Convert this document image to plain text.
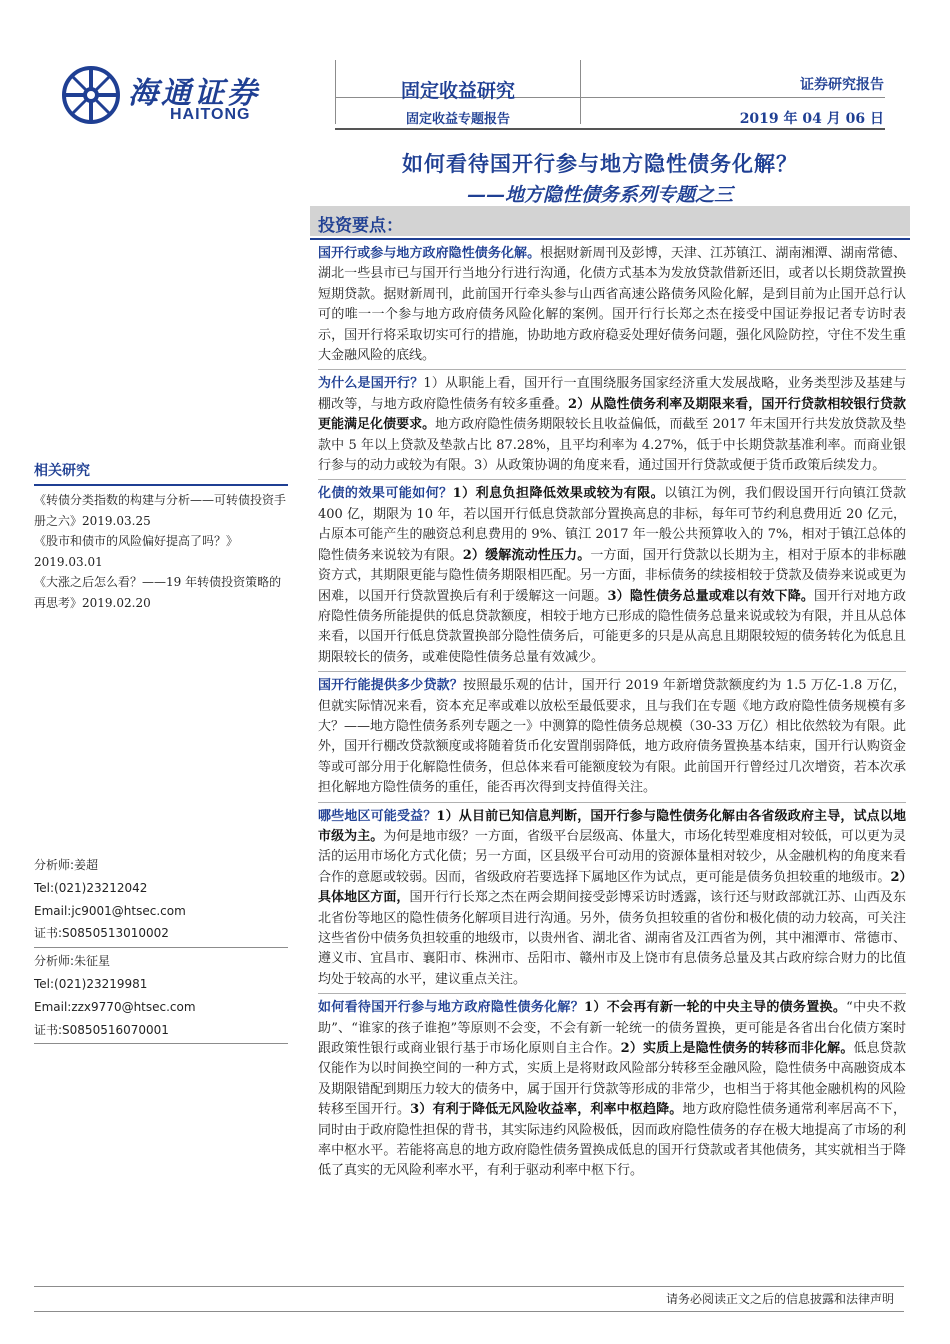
海通证券
HAITONG
固定收益研究
固定收益专题报告
证券研究报告
2019 年 04 月 06 日
如何看待国开行参与地方隐性债务化解？
——地方隐性债务系列专题之三
投资要点：

国开行或参与地方政府隐性债务化解。根据财新周刊及彭博，天津、江苏镇江、湖南湘潭、湖南常德、湖北一些县市已与国开行当地分行进行沟通，化债方式基本为发放贷款借新还旧，或者以长期贷款置换短期贷款。据财新周刊，此前国开行牵头参与山西省高速公路债务风险化解，是到目前为止国开总行认可的唯一一个参与地方政府债务风险化解的案例。国开行行长郑之杰在接受中国证券报记者专访时表示，国开行将采取切实可行的措施，协助地方政府稳妥处理好债务问题，强化风险防控，守住不发生重大金融风险的底线。

为什么是国开行？1）从职能上看，国开行一直围绕服务国家经济重大发展战略，业务类型涉及基建与棚改等，与地方政府隐性债务有较多重叠。2）从隐性债务利率及期限来看，国开行贷款相较银行贷款更能满足化债要求。地方政府隐性债务期限较长且收益偏低，而截至 2017 年末国开行共发放贷款及垫款中 5 年以上贷款及垫款占比 87.28%，且平均利率为 4.27%，低于中长期贷款基准利率。而商业银行参与的动力或较为有限。3）从政策协调的角度来看，通过国开行贷款或便于货币政策后续发力。

化债的效果可能如何？1）利息负担降低效果或较为有限。以镇江为例，我们假设国开行向镇江贷款 400 亿，期限为 10 年，若以国开行低息贷款部分置换高息的非标，每年可节约利息费用近 20 亿元，占原本可能产生的融资总利息费用的 9%、镇江 2017 年一般公共预算收入的 7%，相对于镇江总体的隐性债务来说较为有限。2）缓解流动性压力。一方面，国开行贷款以长期为主，相对于原本的非标融资方式，其期限更能与隐性债务期限相匹配。另一方面，非标债务的续接相较于贷款及债券来说或更为困难，以国开行贷款置换后有利于缓解这一问题。3）隐性债务总量或难以有效下降。国开行对地方政府隐性债务所能提供的低息贷款额度，相较于地方已形成的隐性债务总量来说或较为有限，并且从总体来看，以国开行低息贷款置换部分隐性债务后，可能更多的只是从高息且期限较短的债务转化为低息且期限较长的债务，或难使隐性债务总量有效减少。

国开行能提供多少贷款？按照最乐观的估计，国开行 2019 年新增贷款额度约为 1.5 万亿-1.8 万亿，但就实际情况来看，资本充足率或难以放松至最低要求，且与我们在专题《地方政府隐性债务规模有多大？——地方隐性债务系列专题之一》中测算的隐性债务总规模（30-33 万亿）相比依然较为有限。此外，国开行棚改贷款额度或将随着货币化安置削弱降低，地方政府债务置换基本结束，国开行认购资金等或可部分用于化解隐性债务，但总体来看可能额度较为有限。此前国开行曾经过几次增资，若本次承担化解地方隐性债务的重任，能否再次得到支持值得关注。

哪些地区可能受益？1）从目前已知信息判断，国开行参与隐性债务化解由各省级政府主导，试点以地市级为主。为何是地市级？一方面，省级平台层级高、体量大，市场化转型难度相对较低，可以更为灵活的运用市场化方式化债；另一方面，区县级平台可动用的资源体量相对较少，从金融机构的角度来看合作的意愿或较弱。因而，省级政府若要选择下属地区作为试点，更可能是债务负担较重的地级市。2）具体地区方面，国开行行长郑之杰在两会期间接受彭博采访时透露，该行还与财政部就江苏、山西及东北省份等地区的隐性债务化解项目进行沟通。另外，债务负担较重的省份和极化债的动力较高，可关注这些省份中债务负担较重的地级市，以贵州省、湖北省、湖南省及江西省为例，其中湘潭市、常德市、遵义市、宜昌市、襄阳市、株洲市、岳阳市、赣州市及上饶市有息债务总量及其占政府综合财力的比值均处于较高的水平，建议重点关注。

如何看待国开行参与地方政府隐性债务化解？1）不会再有新一轮的中央主导的债务置换。“中央不救助”、“谁家的孩子谁抱”等原则不会变，不会有新一轮统一的债务置换，更可能是各省出台化债方案时跟政策性银行或商业银行基于市场化原则自主合作。2）实质上是隐性债务的转移而非化解。低息贷款仅能作为以时间换空间的一种方式，实质上是将财政风险部分转移至金融风险，隐性债务中高融资成本及期限错配到期压力较大的债务中，属于国开行贷款等形成的非常少，也相当于将其他金融机构的风险转移至国开行。3）有利于降低无风险收益率，利率中枢趋降。地方政府隐性债务通常利率居高不下，同时由于政府隐性担保的背书，其实际违约风险极低，因而政府隐性债务的存在极大地提高了市场的利率中枢水平。若能将高息的地方政府隐性债务置换成低息的国开行贷款或者其他债务，其实就相当于降低了真实的无风险利率水平，有利于驱动利率中枢下行。

相关研究
《转债分类指数的构建与分析——可转债投资手册之六》2019.03.25
《股市和债市的风险偏好提高了吗？》2019.03.01
《大涨之后怎么看？——19 年转债投资策略的再思考》2019.02.20
分析师:姜超
Tel:(021)23212042
Email:jc9001@htsec.com
证书:S0850513010002
分析师:朱征星
Tel:(021)23219981
Email:zzx9770@htsec.com
证书:S0850516070001
请务必阅读正文之后的信息披露和法律声明
